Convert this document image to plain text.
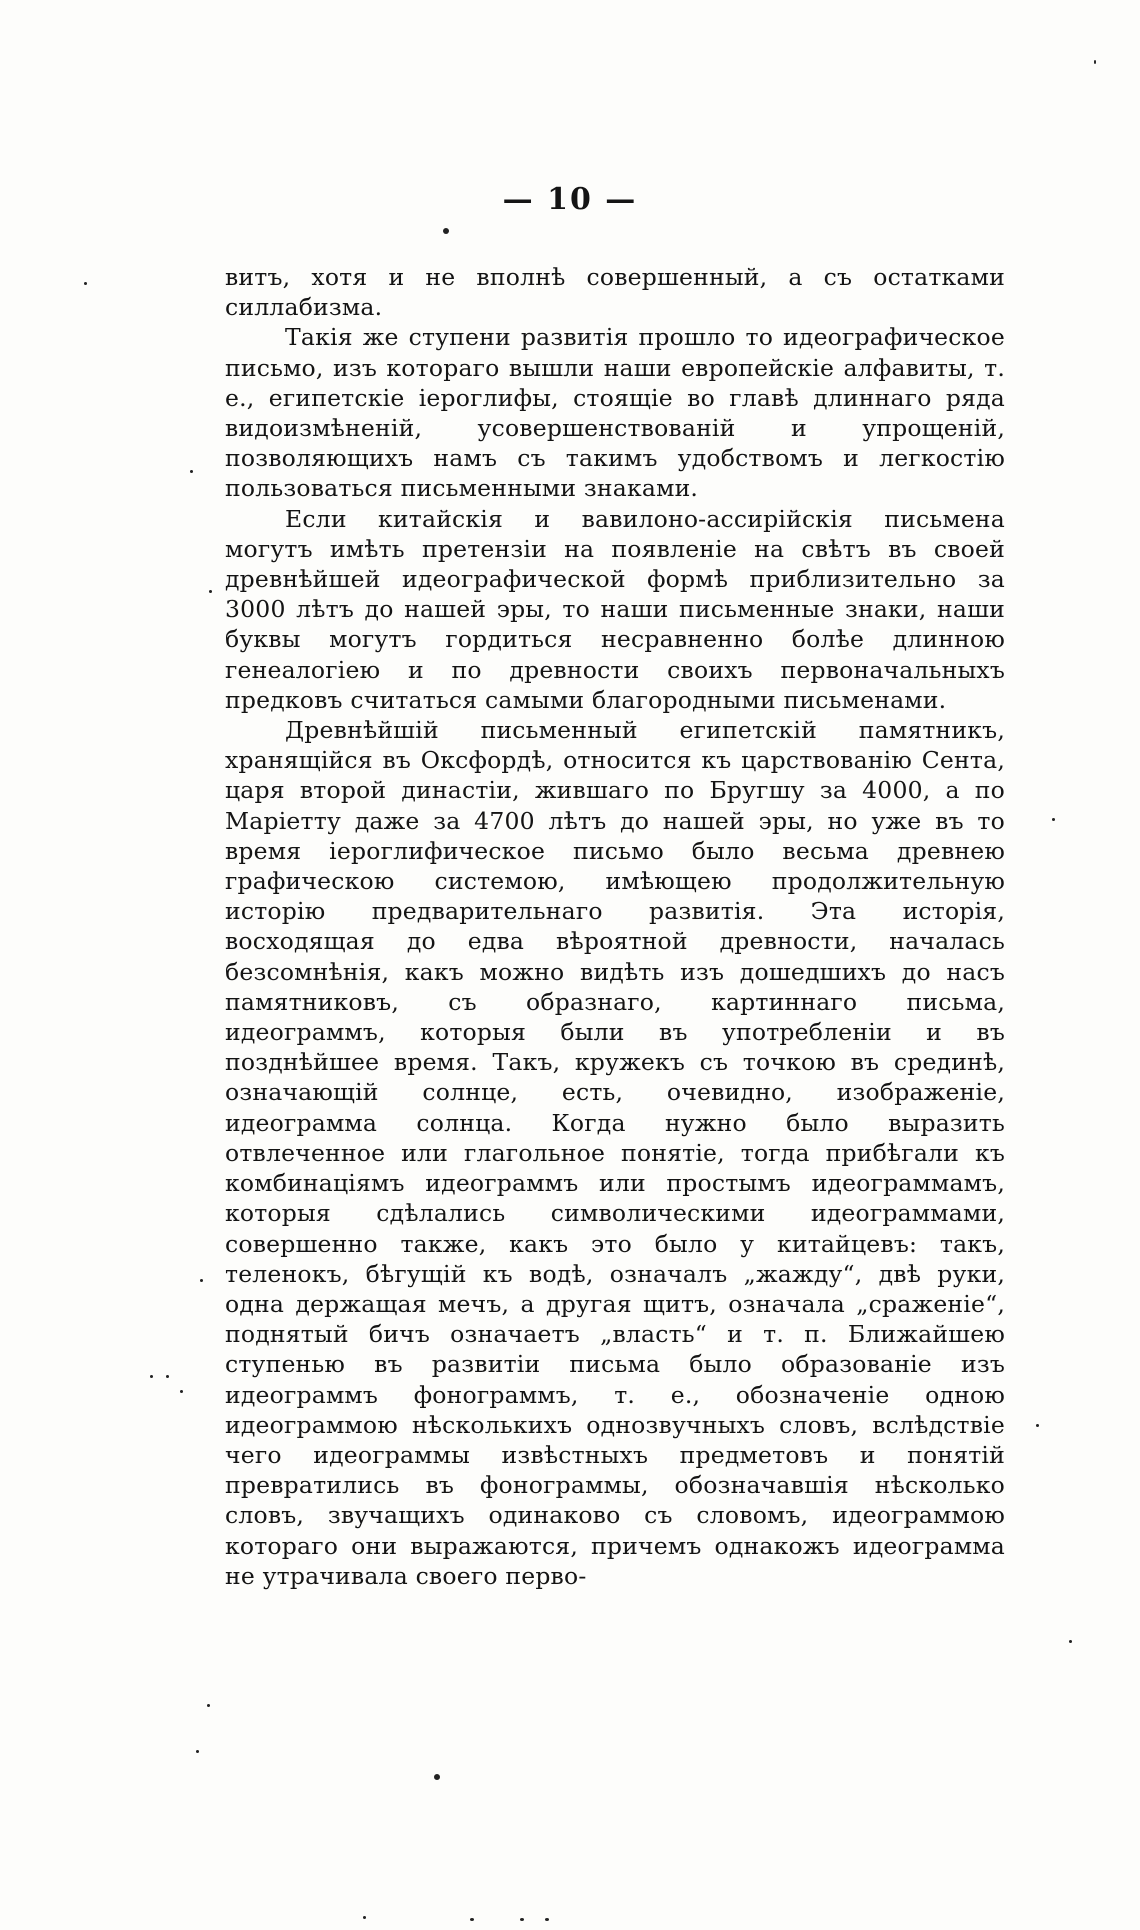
— 10 —

витъ, хотя и не вполнѣ совершенный, а съ остатками силлабизма.

Такія же ступени развитія прошло то идеографическое письмо, изъ котораго вышли наши европейскіе алфавиты, т. е., египетскіе іероглифы, стоящіе во главѣ длиннаго ряда видоизмѣненій, усовершенствованій и упрощеній, позволяющихъ намъ съ такимъ удобствомъ и легкостію пользоваться письменными знаками.

Если китайскія и вавилоно-ассирійскія письмена могутъ имѣть претензіи на появленіе на свѣтъ въ своей древнѣйшей идеографической формѣ приблизительно за 3000 лѣтъ до нашей эры, то наши письменные знаки, наши буквы могутъ гордиться несравненно болѣе длинною генеалогіею и по древности своихъ первоначальныхъ предковъ считаться самыми благородными письменами.

Древнѣйшій письменный египетскій памятникъ, хранящійся въ Оксфордѣ, относится къ царствованію Сента, царя второй династіи, жившаго по Бругшу за 4000, а по Маріетту даже за 4700 лѣтъ до нашей эры, но уже въ то время іероглифическое письмо было весьма древнею графическою системою, имѣющею продолжительную исторію предварительнаго развитія. Эта исторія, восходящая до едва вѣроятной древности, началась безсомнѣнія, какъ можно видѣть изъ дошедшихъ до насъ памятниковъ, съ образнаго, картиннаго письма, идеограммъ, которыя были въ употребленіи и въ позднѣйшее время. Такъ, кружекъ съ точкою въ срединѣ, означающій солнце, есть, очевидно, изображеніе, идеограмма солнца. Когда нужно было выразить отвлеченное или глагольное понятіе, тогда прибѣгали къ комбинаціямъ идеограммъ или простымъ идеограммамъ, которыя сдѣлались символическими идеограммами, совершенно также, какъ это было у китайцевъ: такъ, теленокъ, бѣгущій къ водѣ, означалъ „жажду“, двѣ руки, одна держащая мечъ, а другая щитъ, означала „сраженіе“, поднятый бичъ означаетъ „власть“ и т. п. Ближайшею ступенью въ развитіи письма было образованіе изъ идеограммъ фонограммъ, т. е., обозначеніе одною идеограммою нѣсколькихъ однозвучныхъ словъ, вслѣдствіе чего идеограммы извѣстныхъ предметовъ и понятій превратились въ фонограммы, обозначавшія нѣсколько словъ, звучащихъ одинаково съ словомъ, идеограммою котораго они выражаются, причемъ однакожъ идеограмма не утрачивала своего перво-
